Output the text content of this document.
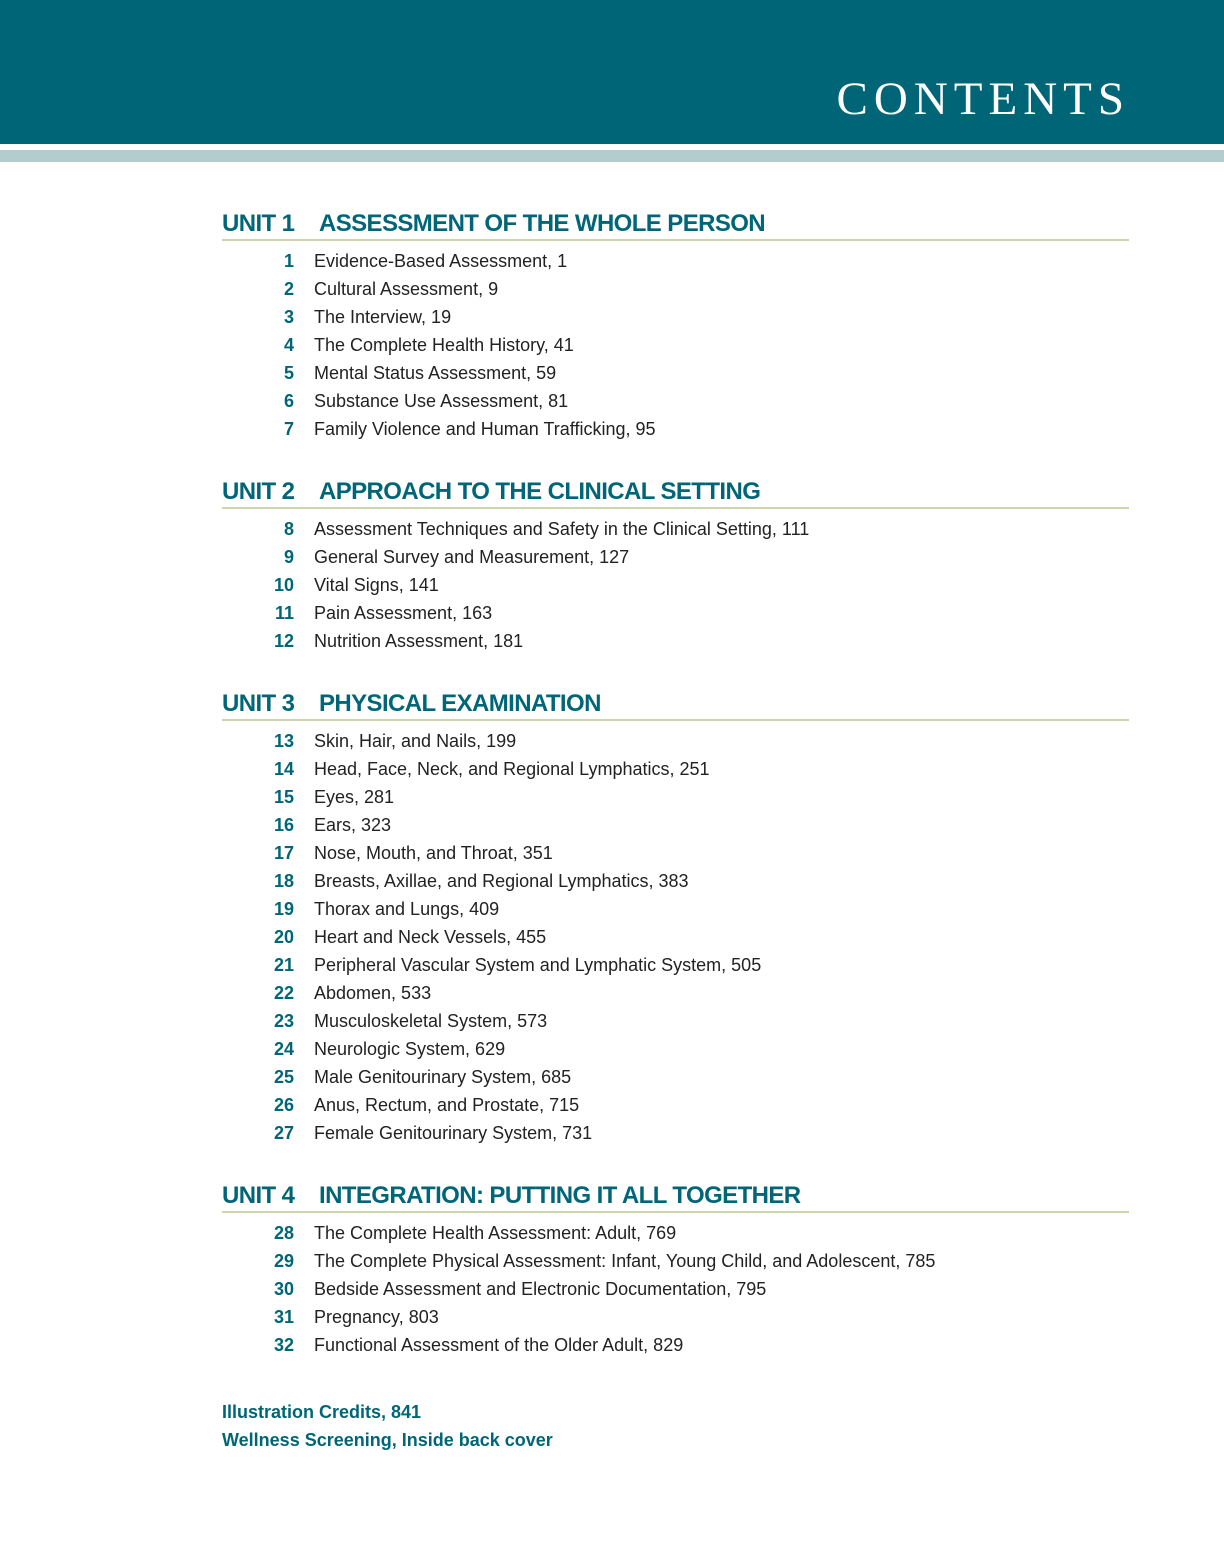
CONTENTS
UNIT 1	ASSESSMENT OF THE WHOLE PERSON
1 Evidence-Based Assessment, 1
2 Cultural Assessment, 9
3 The Interview, 19
4 The Complete Health History, 41
5 Mental Status Assessment, 59
6 Substance Use Assessment, 81
7 Family Violence and Human Trafficking, 95
UNIT 2	APPROACH TO THE CLINICAL SETTING
8 Assessment Techniques and Safety in the Clinical Setting, 111
9 General Survey and Measurement, 127
10 Vital Signs, 141
11 Pain Assessment, 163
12 Nutrition Assessment, 181
UNIT 3	PHYSICAL EXAMINATION
13 Skin, Hair, and Nails, 199
14 Head, Face, Neck, and Regional Lymphatics, 251
15 Eyes, 281
16 Ears, 323
17 Nose, Mouth, and Throat, 351
18 Breasts, Axillae, and Regional Lymphatics, 383
19 Thorax and Lungs, 409
20 Heart and Neck Vessels, 455
21 Peripheral Vascular System and Lymphatic System, 505
22 Abdomen, 533
23 Musculoskeletal System, 573
24 Neurologic System, 629
25 Male Genitourinary System, 685
26 Anus, Rectum, and Prostate, 715
27 Female Genitourinary System, 731
UNIT 4	INTEGRATION: PUTTING IT ALL TOGETHER
28 The Complete Health Assessment: Adult, 769
29 The Complete Physical Assessment: Infant, Young Child, and Adolescent, 785
30 Bedside Assessment and Electronic Documentation, 795
31 Pregnancy, 803
32 Functional Assessment of the Older Adult, 829
Illustration Credits, 841
Wellness Screening, Inside back cover
